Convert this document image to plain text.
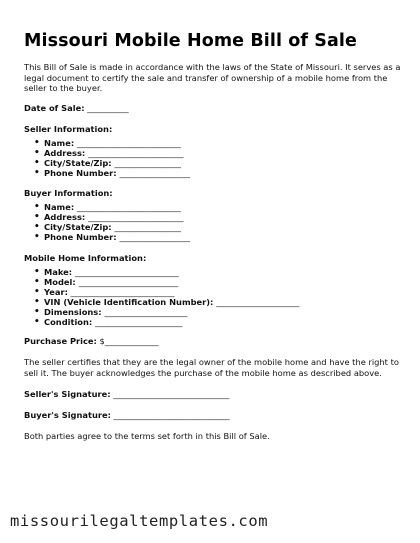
Missouri Mobile Home Bill of Sale

This Bill of Sale is made in accordance with the laws of the State of Missouri. It serves as a legal document to certify the sale and transfer of ownership of a mobile home from the seller to the buyer.

Date of Sale: __________
Seller Information:
• Name: _________________________
• Address: _______________________
• City/State/Zip: ________________
• Phone Number: _________________
Buyer Information:
• Name: _________________________
• Address: _______________________
• City/State/Zip: ________________
• Phone Number: _________________
Mobile Home Information:
• Make: _________________________
• Model: ________________________
• Year: _________________________
• VIN (Vehicle Identification Number): ____________________
• Dimensions: ____________________
• Condition: _____________________
Purchase Price: $_____________

The seller certifies that they are the legal owner of the mobile home and have the right to sell it. The buyer acknowledges the purchase of the mobile home as described above.

Seller's Signature: ____________________________
Buyer's Signature: ____________________________

Both parties agree to the terms set forth in this Bill of Sale.

missourilegaltemplates.com
